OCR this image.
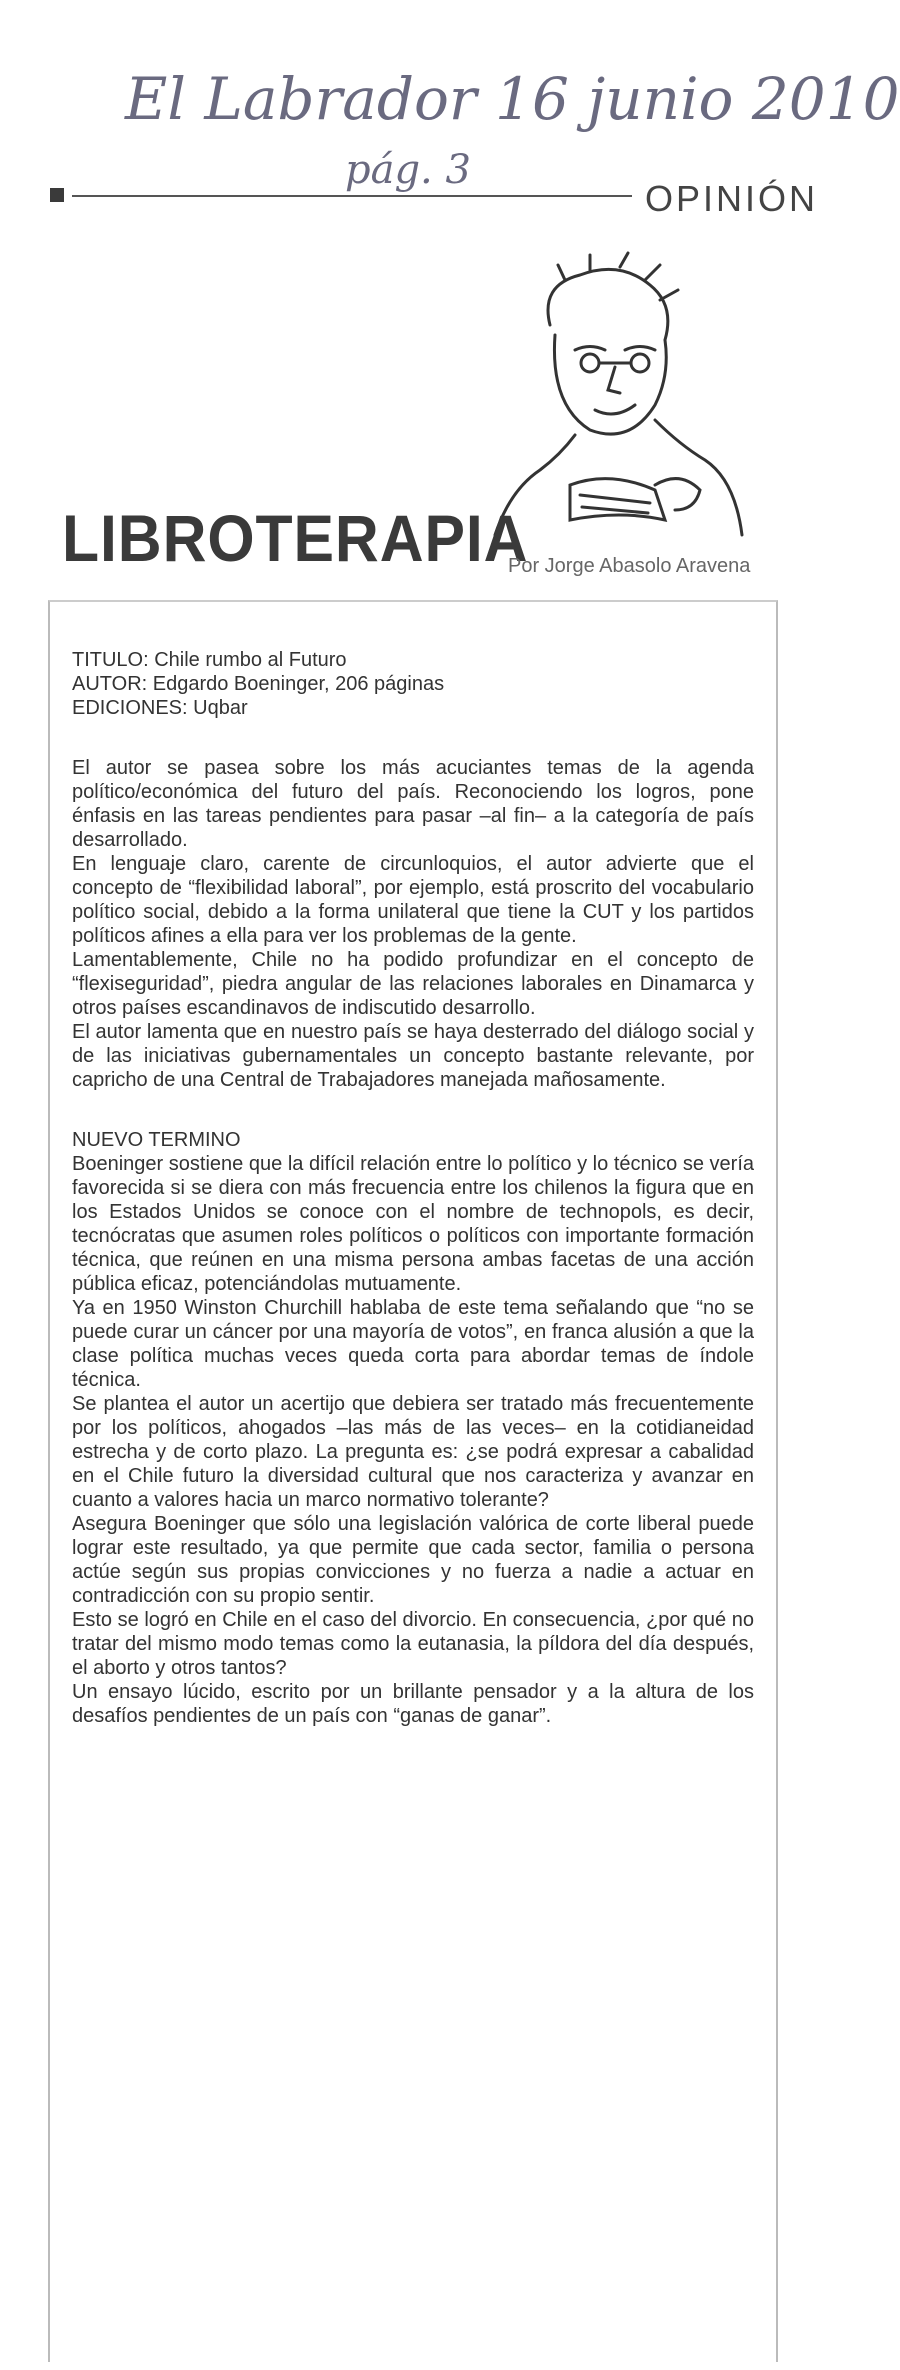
El Labrador 16 junio 2010
pág. 3
OPINIÓN
LIBROTERAPIA
Por Jorge Abasolo Aravena
TITULO: Chile rumbo al Futuro
AUTOR: Edgardo Boeninger, 206 páginas
EDICIONES: Uqbar

El autor se pasea sobre los más acuciantes temas de la agenda político/económica del futuro del país. Reconociendo los logros, pone énfasis en las tareas pendientes para pasar –al fin– a la categoría de país desarrollado.

En lenguaje claro, carente de circunloquios, el autor advierte que el concepto de “flexibilidad laboral”, por ejemplo, está proscrito del vocabulario político social, debido a la forma unilateral que tiene la CUT y los partidos políticos afines a ella para ver los problemas de la gente.

Lamentablemente, Chile no ha podido profundizar en el concepto de “flexiseguridad”, piedra angular de las relaciones laborales en Dinamarca y otros países escandinavos de indiscutido desarrollo.

El autor lamenta que en nuestro país se haya desterrado del diálogo social y de las iniciativas gubernamentales un concepto bastante relevante, por capricho de una Central de Trabajadores manejada mañosamente.

NUEVO TERMINO

Boeninger sostiene que la difícil relación entre lo político y lo técnico se vería favorecida si se diera con más frecuencia entre los chilenos la figura que en los Estados Unidos se conoce con el nombre de technopols, es decir, tecnócratas que asumen roles políticos o políticos con importante formación técnica, que reúnen en una misma persona ambas facetas de una acción pública eficaz, potenciándolas mutuamente.

Ya en 1950 Winston Churchill hablaba de este tema señalando que “no se puede curar un cáncer por una mayoría de votos”, en franca alusión a que la clase política muchas veces queda corta para abordar temas de índole técnica.

Se plantea el autor un acertijo que debiera ser tratado más frecuentemente por los políticos, ahogados –las más de las veces– en la cotidianeidad estrecha y de corto plazo. La pregunta es: ¿se podrá expresar a cabalidad en el Chile futuro la diversidad cultural que nos caracteriza y avanzar en cuanto a valores hacia un marco normativo tolerante?

Asegura Boeninger que sólo una legislación valórica de corte liberal puede lograr este resultado, ya que permite que cada sector, familia o persona actúe según sus propias convicciones y no fuerza a nadie a actuar en contradicción con su propio sentir.

Esto se logró en Chile en el caso del divorcio. En consecuencia, ¿por qué no tratar del mismo modo temas como la eutanasia, la píldora del día después, el aborto y otros tantos?

Un ensayo lúcido, escrito por un brillante pensador y a la altura de los desafíos pendientes de un país con “ganas de ganar”.
